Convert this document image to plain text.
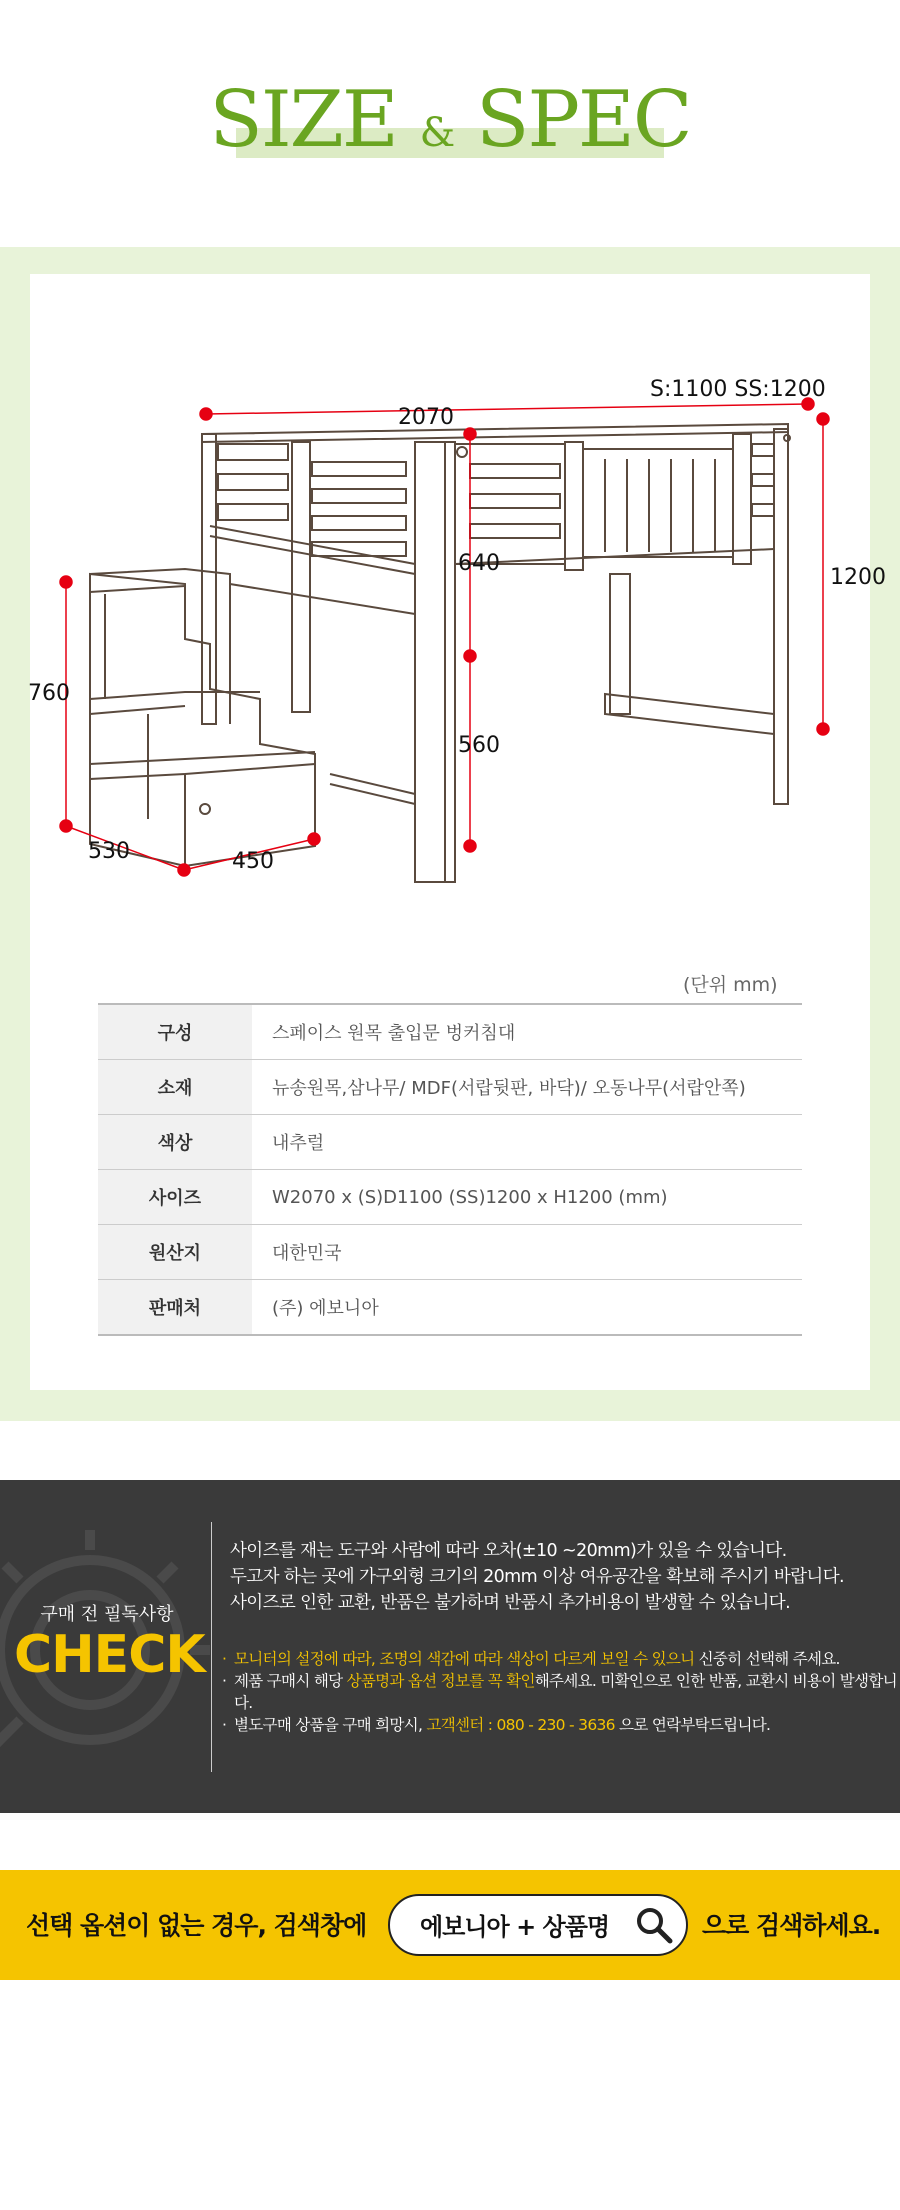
SIZE & SPEC
2070
S:1100 SS:1200
1200
640
560
760
530	450
(단위 mm)
구성	스페이스 원목 출입문 벙커침대
소재	뉴송원목,삼나무/ MDF(서랍뒷판, 바닥)/ 오동나무(서랍안쪽)
색상	내추럴
사이즈	W2070 x (S)D1100 (SS)1200 x H1200 (mm)
원산지	대한민국
판매처	(주) 에보니아
구매 전 필독사항
CHECK
사이즈를 재는 도구와 사람에 따라 오차(±10 ~20mm)가 있을 수 있습니다.
두고자 하는 곳에 가구외형 크기의 20mm 이상 여유공간을 확보해 주시기 바랍니다.
사이즈로 인한 교환, 반품은 불가하며 반품시 추가비용이 발생할 수 있습니다.
· 모니터의 설정에 따라, 조명의 색감에 따라 색상이 다르게 보일 수 있으니 신중히 선택해 주세요.
· 제품 구매시 해당 상품명과 옵션 정보를 꼭 확인해주세요. 미확인으로 인한 반품, 교환시 비용이 발생합니다.
· 별도구매 상품을 구매 희망시, 고객센터 : 080 - 230 - 3636 으로 연락부탁드립니다.
선택 옵션이 없는 경우, 검색창에 에보니아 + 상품명	으로 검색하세요.
